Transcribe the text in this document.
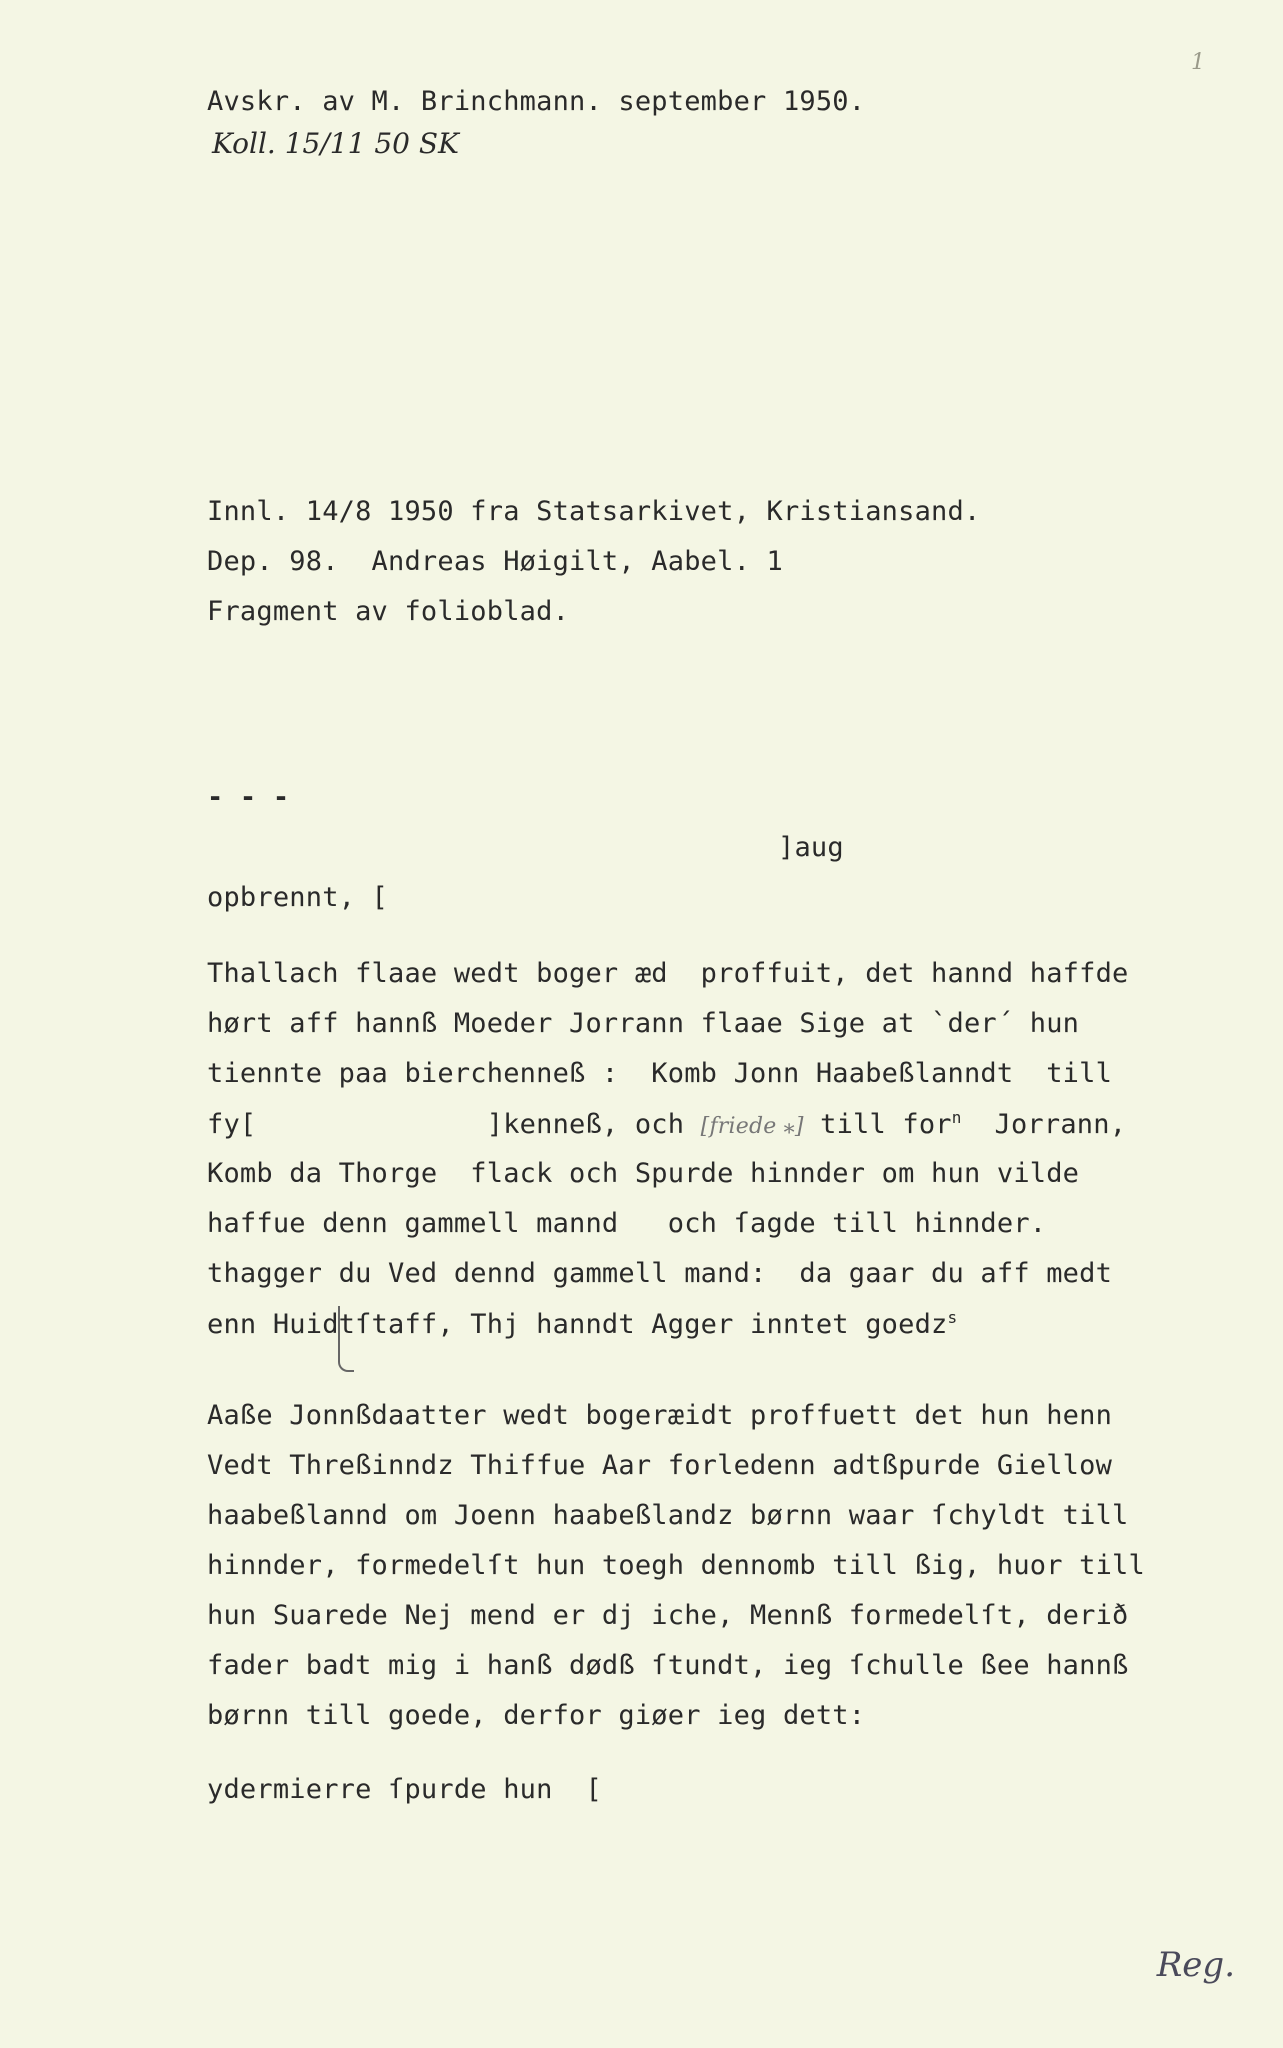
1
Avskr. av M. Brinchmann. september 1950.
Koll. 15/11 50 SK
Innl. 14/8 1950 fra Statsarkivet, Kristiansand.
Dep. 98.  Andreas Høigilt, Aabel. 1
Fragment av folioblad.
- - -
]aug
opbrennt, [
Thallach flaae wedt boger æd  proffuit, det hannd haffde
hørt aff hannß Moeder Jorrann flaae Sige at `der´ hun
tiennte paa bierchenneß :  Komb Jonn Haabeßlanndt  till
fy[              ]kenneß, och [friede ⁎] till for$^n$  Jorrann,
Komb da Thorge  flack och Spurde hinnder om hun vilde
haffue denn gammell mannd   och ſagde till hinnder.
thagger du Ved dennd gammell mand:  da gaar du aff medt
enn Huidtſtaff, Thj hanndt Agger inntet goedz$^s$
Aaße Jonnßdaatter wedt bogeræidt proffuett det hun henn
Vedt Threßinndz Thiffue Aar forledenn adtßpurde Giellow
haabeßlannd om Joenn haabeßlandz børnn waar ſchyldt till
hinnder, formedelſt hun toegh dennomb till ßig, huor till
hun Suarede Nej mend er dj iche, Mennß formedelſt, derið
fader badt mig i hanß dødß ſtundt, ieg ſchulle ßee hannß
børnn till goede, derfor giøer ieg dett:
ydermierre ſpurde hun  [
Reg.
